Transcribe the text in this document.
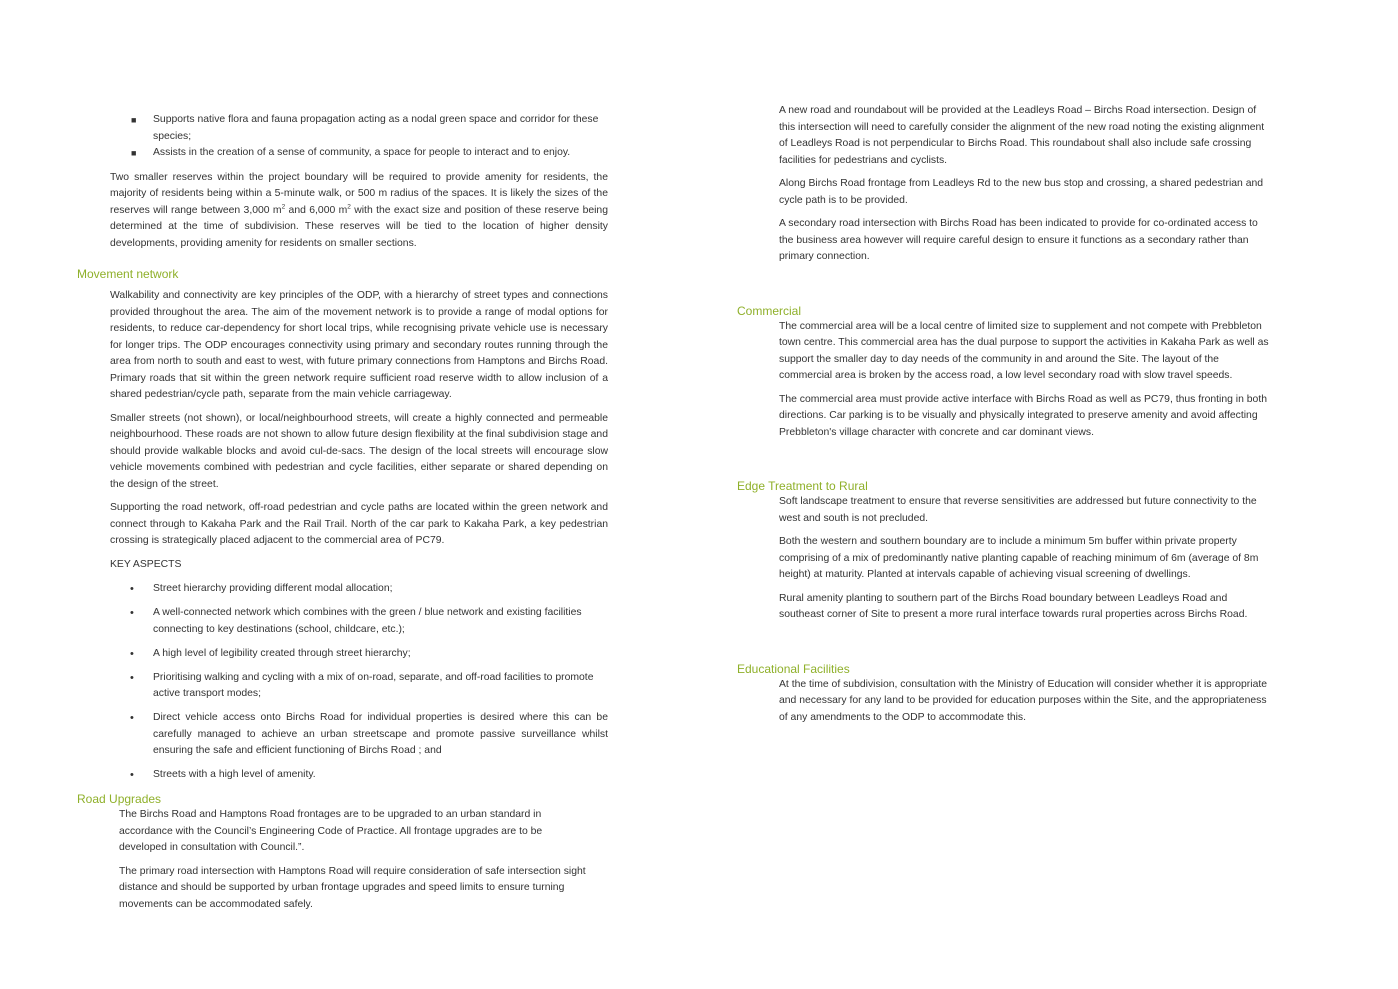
■ Supports native flora and fauna propagation acting as a nodal green space and corridor for these species;
■ Assists in the creation of a sense of community, a space for people to interact and to enjoy.

Two smaller reserves within the project boundary will be required to provide amenity for residents, the majority of residents being within a 5-minute walk, or 500 m radius of the spaces. It is likely the sizes of the reserves will range between 3,000 $m^2$ and 6,000 $m^2$ with the exact size and position of these reserve being determined at the time of subdivision. These reserves will be tied to the location of higher density developments, providing amenity for residents on smaller sections.

Movement network

Walkability and connectivity are key principles of the ODP, with a hierarchy of street types and connections provided throughout the area. The aim of the movement network is to provide a range of modal options for residents, to reduce car-dependency for short local trips, while recognising private vehicle use is necessary for longer trips. The ODP encourages connectivity using primary and secondary routes running through the area from north to south and east to west, with future primary connections from Hamptons and Birchs Road. Primary roads that sit within the green network require sufficient road reserve width to allow inclusion of a shared pedestrian/cycle path, separate from the main vehicle carriageway.

Smaller streets (not shown), or local/neighbourhood streets, will create a highly connected and permeable neighbourhood. These roads are not shown to allow future design flexibility at the final subdivision stage and should provide walkable blocks and avoid cul-de-sacs. The design of the local streets will encourage slow vehicle movements combined with pedestrian and cycle facilities, either separate or shared depending on the design of the street.

Supporting the road network, off-road pedestrian and cycle paths are located within the green network and connect through to Kakaha Park and the Rail Trail. North of the car park to Kakaha Park, a key pedestrian crossing is strategically placed adjacent to the commercial area of PC79.

KEY ASPECTS

• Street hierarchy providing different modal allocation;
• A well-connected network which combines with the green / blue network and existing facilities connecting to key destinations (school, childcare, etc.);
• A high level of legibility created through street hierarchy;
• Prioritising walking and cycling with a mix of on-road, separate, and off-road facilities to promote active transport modes;
• Direct vehicle access onto Birchs Road for individual properties is desired where this can be carefully managed to achieve an urban streetscape and promote passive surveillance whilst ensuring the safe and efficient functioning of Birchs Road ; and
• Streets with a high level of amenity.
Road Upgrades

The Birchs Road and Hamptons Road frontages are to be upgraded to an urban standard in accordance with the Council’s Engineering Code of Practice. All frontage upgrades are to be developed in consultation with Council.”.

The primary road intersection with Hamptons Road will require consideration of safe intersection sight distance and should be supported by urban frontage upgrades and speed limits to ensure turning movements can be accommodated safely.

A new road and roundabout will be provided at the Leadleys Road – Birchs Road intersection. Design of this intersection will need to carefully consider the alignment of the new road noting the existing alignment of Leadleys Road is not perpendicular to Birchs Road. This roundabout shall also include safe crossing facilities for pedestrians and cyclists.

Along Birchs Road frontage from Leadleys Rd to the new bus stop and crossing, a shared pedestrian and cycle path is to be provided.

A secondary road intersection with Birchs Road has been indicated to provide for co-ordinated access to the business area however will require careful design to ensure it functions as a secondary rather than primary connection.

Commercial

The commercial area will be a local centre of limited size to supplement and not compete with Prebbleton town centre. This commercial area has the dual purpose to support the activities in Kakaha Park as well as support the smaller day to day needs of the community in and around the Site. The layout of the commercial area is broken by the access road, a low level secondary road with slow travel speeds.

The commercial area must provide active interface with Birchs Road as well as PC79, thus fronting in both directions. Car parking is to be visually and physically integrated to preserve amenity and avoid affecting Prebbleton's village character with concrete and car dominant views.

Edge Treatment to Rural

Soft landscape treatment to ensure that reverse sensitivities are addressed but future connectivity to the west and south is not precluded.

Both the western and southern boundary are to include a minimum 5m buffer within private property comprising of a mix of predominantly native planting capable of reaching minimum of 6m (average of 8m height) at maturity. Planted at intervals capable of achieving visual screening of dwellings.

Rural amenity planting to southern part of the Birchs Road boundary between Leadleys Road and southeast corner of Site to present a more rural interface towards rural properties across Birchs Road.

Educational Facilities

At the time of subdivision, consultation with the Ministry of Education will consider whether it is appropriate and necessary for any land to be provided for education purposes within the Site, and the appropriateness of any amendments to the ODP to accommodate this.
